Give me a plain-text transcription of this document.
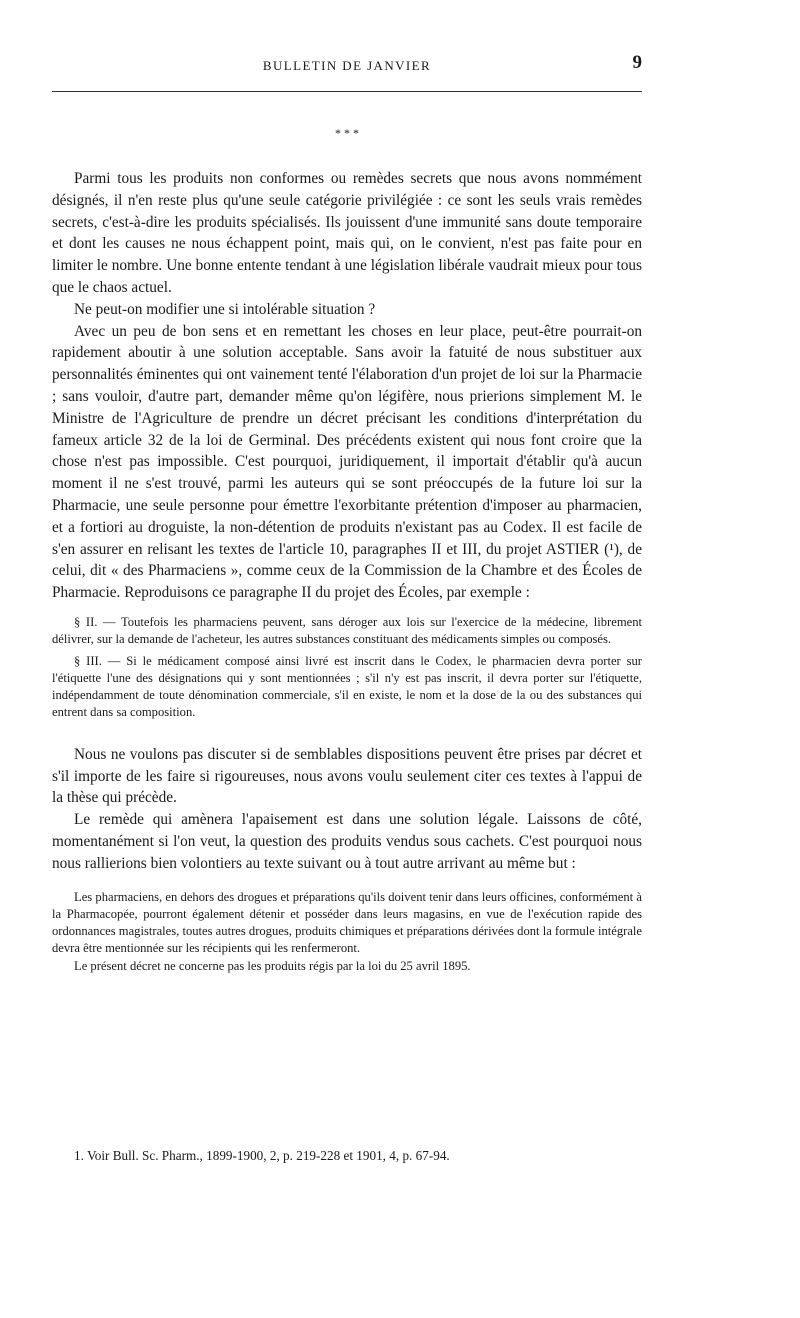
BULLETIN DE JANVIER	9
* * *

Parmi tous les produits non conformes ou remèdes secrets que nous avons nommément désignés, il n'en reste plus qu'une seule catégorie privilégiée : ce sont les seuls vrais remèdes secrets, c'est-à-dire les produits spécialisés. Ils jouissent d'une immunité sans doute temporaire et dont les causes ne nous échappent point, mais qui, on le convient, n'est pas faite pour en limiter le nombre. Une bonne entente tendant à une législation libérale vaudrait mieux pour tous que le chaos actuel.

Ne peut-on modifier une si intolérable situation ?

Avec un peu de bon sens et en remettant les choses en leur place, peut-être pourrait-on rapidement aboutir à une solution acceptable. Sans avoir la fatuité de nous substituer aux personnalités éminentes qui ont vainement tenté l'élaboration d'un projet de loi sur la Pharmacie ; sans vouloir, d'autre part, demander même qu'on légifère, nous prierions simplement M. le Ministre de l'Agriculture de prendre un décret précisant les conditions d'interprétation du fameux article 32 de la loi de Germinal. Des précédents existent qui nous font croire que la chose n'est pas impossible. C'est pourquoi, juridiquement, il importait d'établir qu'à aucun moment il ne s'est trouvé, parmi les auteurs qui se sont préoccupés de la future loi sur la Pharmacie, une seule personne pour émettre l'exorbitante prétention d'imposer au pharmacien, et a fortiori au droguiste, la non-détention de produits n'existant pas au Codex. Il est facile de s'en assurer en relisant les textes de l'article 10, paragraphes II et III, du projet ASTIER (¹), de celui, dit « des Pharmaciens », comme ceux de la Commission de la Chambre et des Écoles de Pharmacie. Reproduisons ce paragraphe II du projet des Écoles, par exemple :

§ II. — Toutefois les pharmaciens peuvent, sans déroger aux lois sur l'exercice de la médecine, librement délivrer, sur la demande de l'acheteur, les autres substances constituant des médicaments simples ou composés.

§ III. — Si le médicament composé ainsi livré est inscrit dans le Codex, le pharmacien devra porter sur l'étiquette l'une des désignations qui y sont mentionnées ; s'il n'y est pas inscrit, il devra porter sur l'étiquette, indépendamment de toute dénomination commerciale, s'il en existe, le nom et la dose de la ou des substances qui entrent dans sa composition.

Nous ne voulons pas discuter si de semblables dispositions peuvent être prises par décret et s'il importe de les faire si rigoureuses, nous avons voulu seulement citer ces textes à l'appui de la thèse qui précède.

Le remède qui amènera l'apaisement est dans une solution légale. Laissons de côté, momentanément si l'on veut, la question des produits vendus sous cachets. C'est pourquoi nous nous rallierions bien volontiers au texte suivant ou à tout autre arrivant au même but :

Les pharmaciens, en dehors des drogues et préparations qu'ils doivent tenir dans leurs officines, conformément à la Pharmacopée, pourront également détenir et posséder dans leurs magasins, en vue de l'exécution rapide des ordonnances magistrales, toutes autres drogues, produits chimiques et préparations dérivées dont la formule intégrale devra être mentionnée sur les récipients qui les renfermeront.

Le présent décret ne concerne pas les produits régis par la loi du 25 avril 1895.

1. Voir Bull. Sc. Pharm., 1899-1900, 2, p. 219-228 et 1901, 4, p. 67-94.
